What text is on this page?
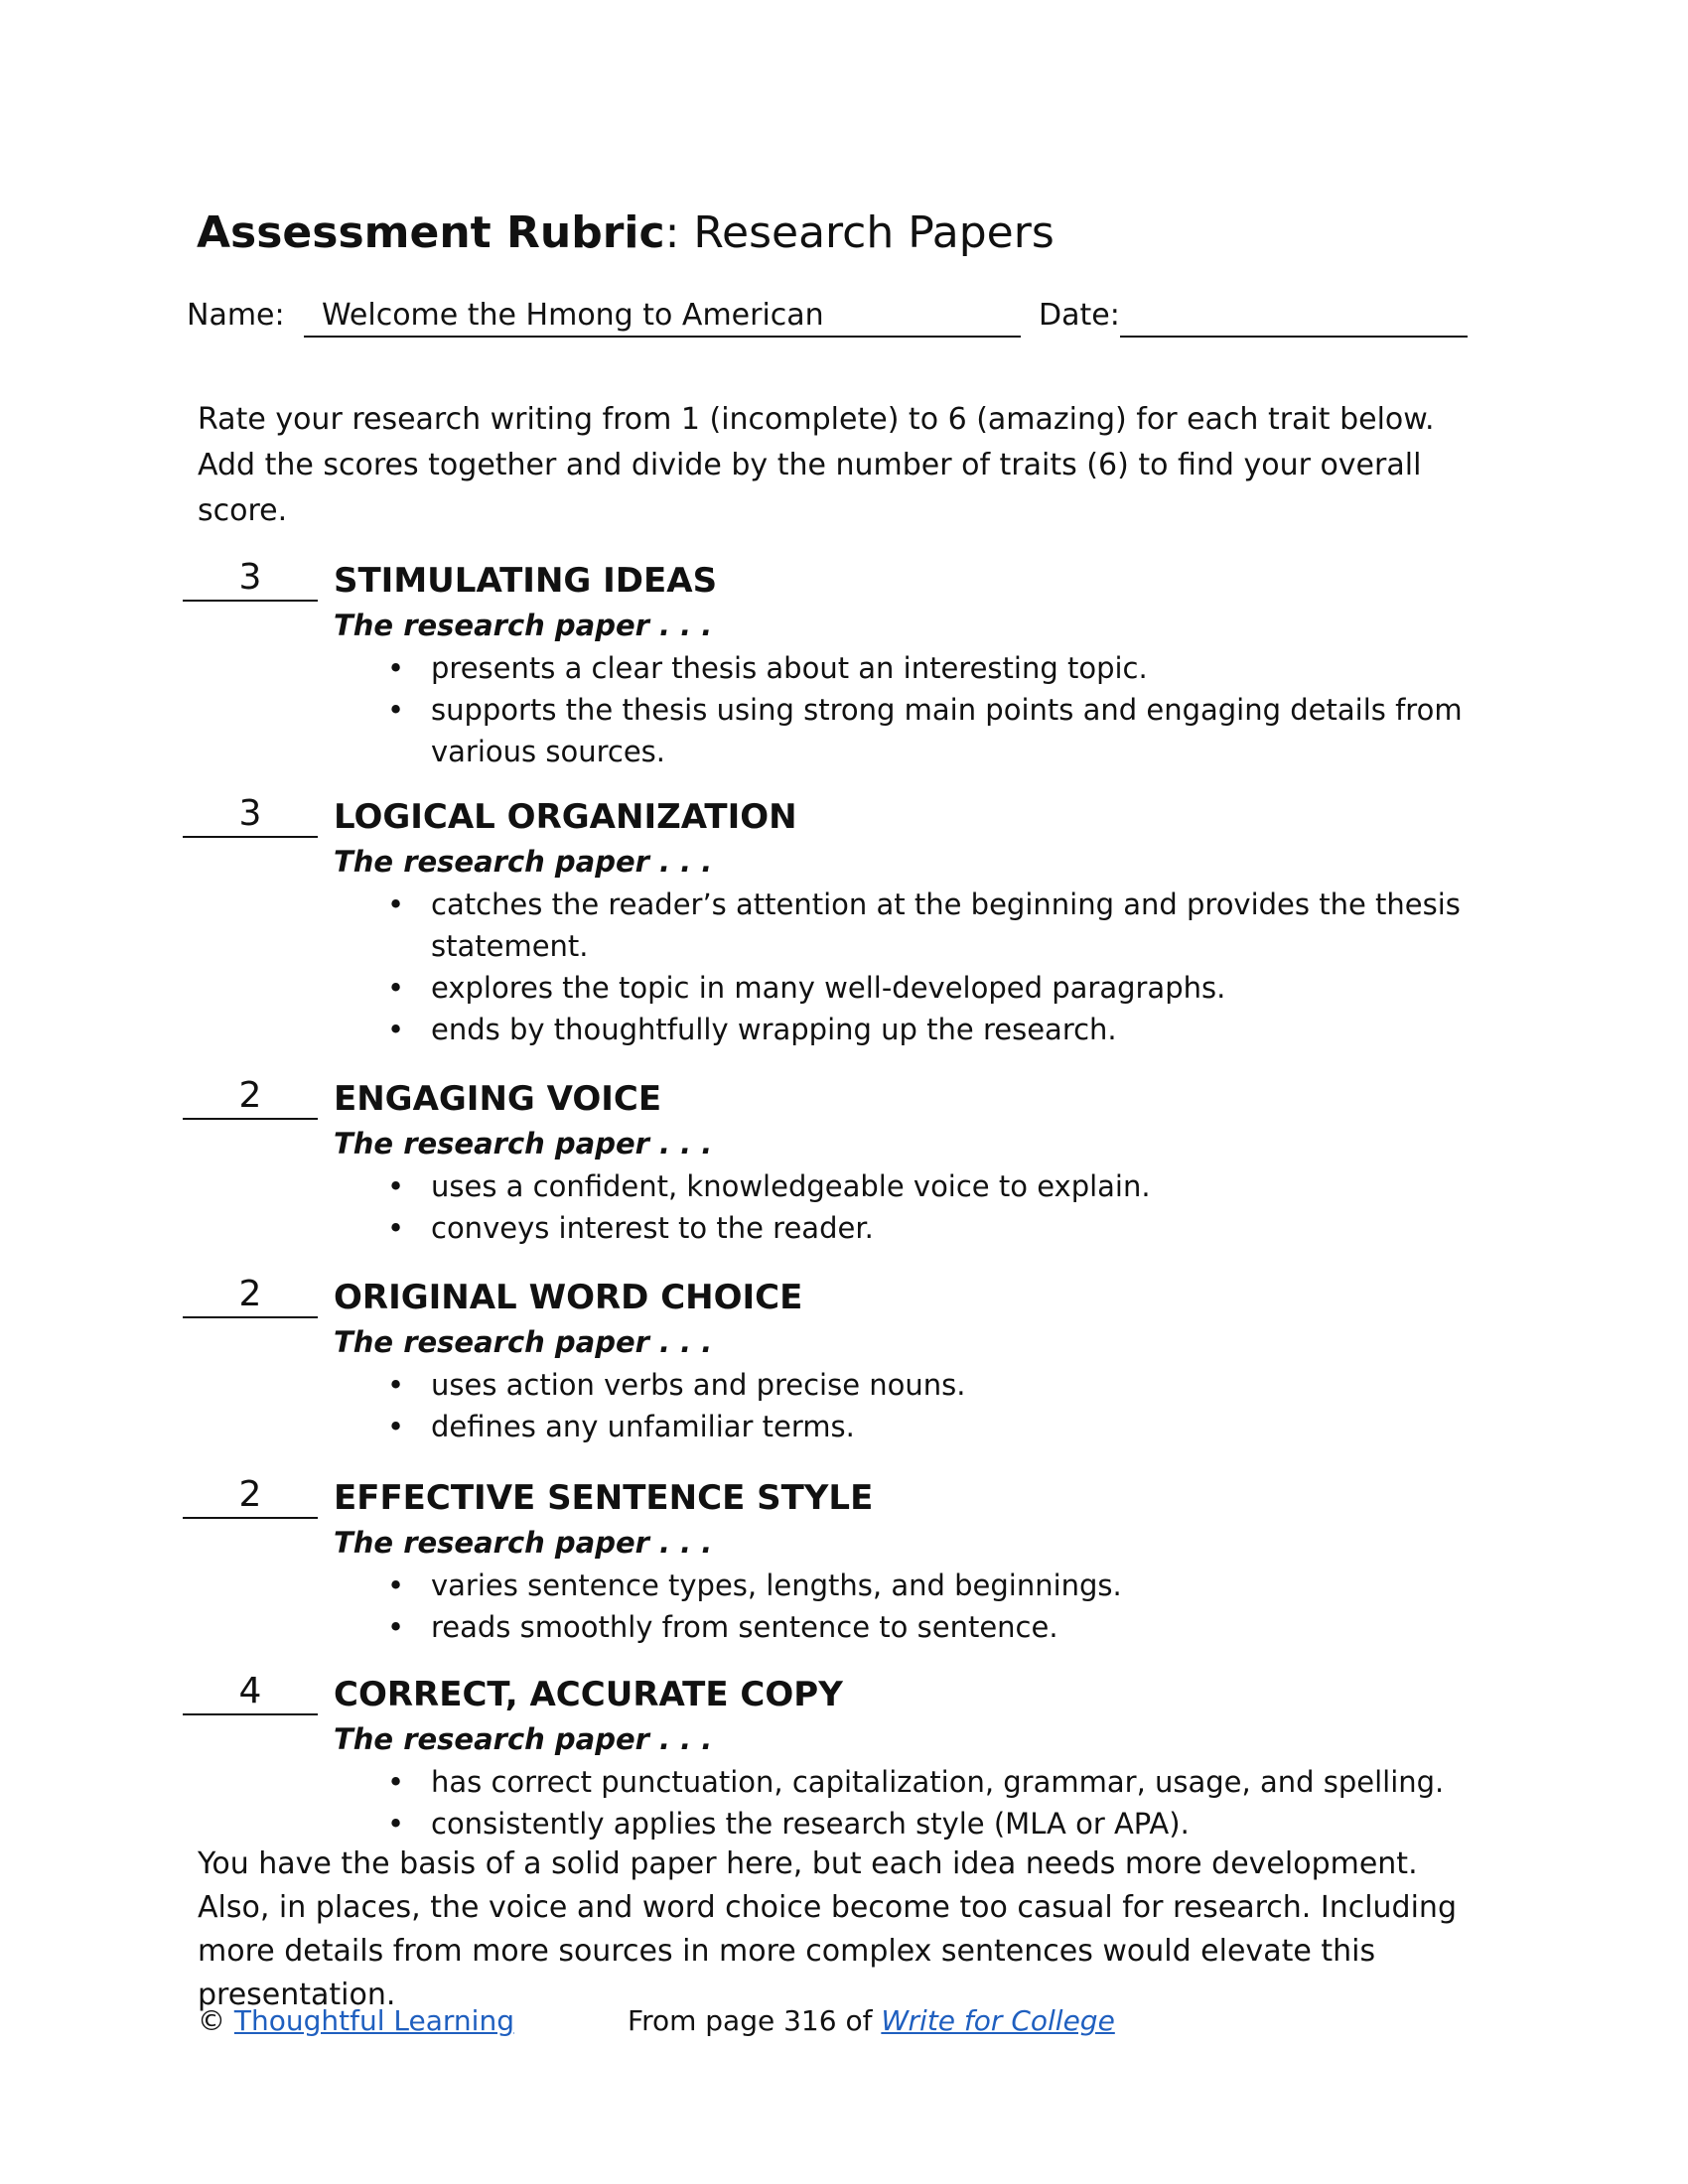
Assessment Rubric: Research Papers
Name:	Welcome the Hmong to American	Date:
Rate your research writing from 1 (incomplete) to 6 (amazing) for each trait below. Add the scores together and divide by the number of traits (6) to find your overall score.
3	STIMULATING IDEAS
The research paper . . .
• presents a clear thesis about an interesting topic.
• supports the thesis using strong main points and engaging details from various sources.
3	LOGICAL ORGANIZATION
The research paper . . .
• catches the reader’s attention at the beginning and provides the thesis statement.
• explores the topic in many well-developed paragraphs.
• ends by thoughtfully wrapping up the research.
2	ENGAGING VOICE
The research paper . . .
• uses a confident, knowledgeable voice to explain.
• conveys interest to the reader.
2	ORIGINAL WORD CHOICE
The research paper . . .
• uses action verbs and precise nouns.
• defines any unfamiliar terms.
2	EFFECTIVE SENTENCE STYLE
The research paper . . .
• varies sentence types, lengths, and beginnings.
• reads smoothly from sentence to sentence.
4	CORRECT, ACCURATE COPY
The research paper . . .
• has correct punctuation, capitalization, grammar, usage, and spelling.
• consistently applies the research style (MLA or APA).
You have the basis of a solid paper here, but each idea needs more development. Also, in places, the voice and word choice become too casual for research. Including more details from more sources in more complex sentences would elevate this presentation.
© Thoughtful Learning	From page 316 of Write for College
